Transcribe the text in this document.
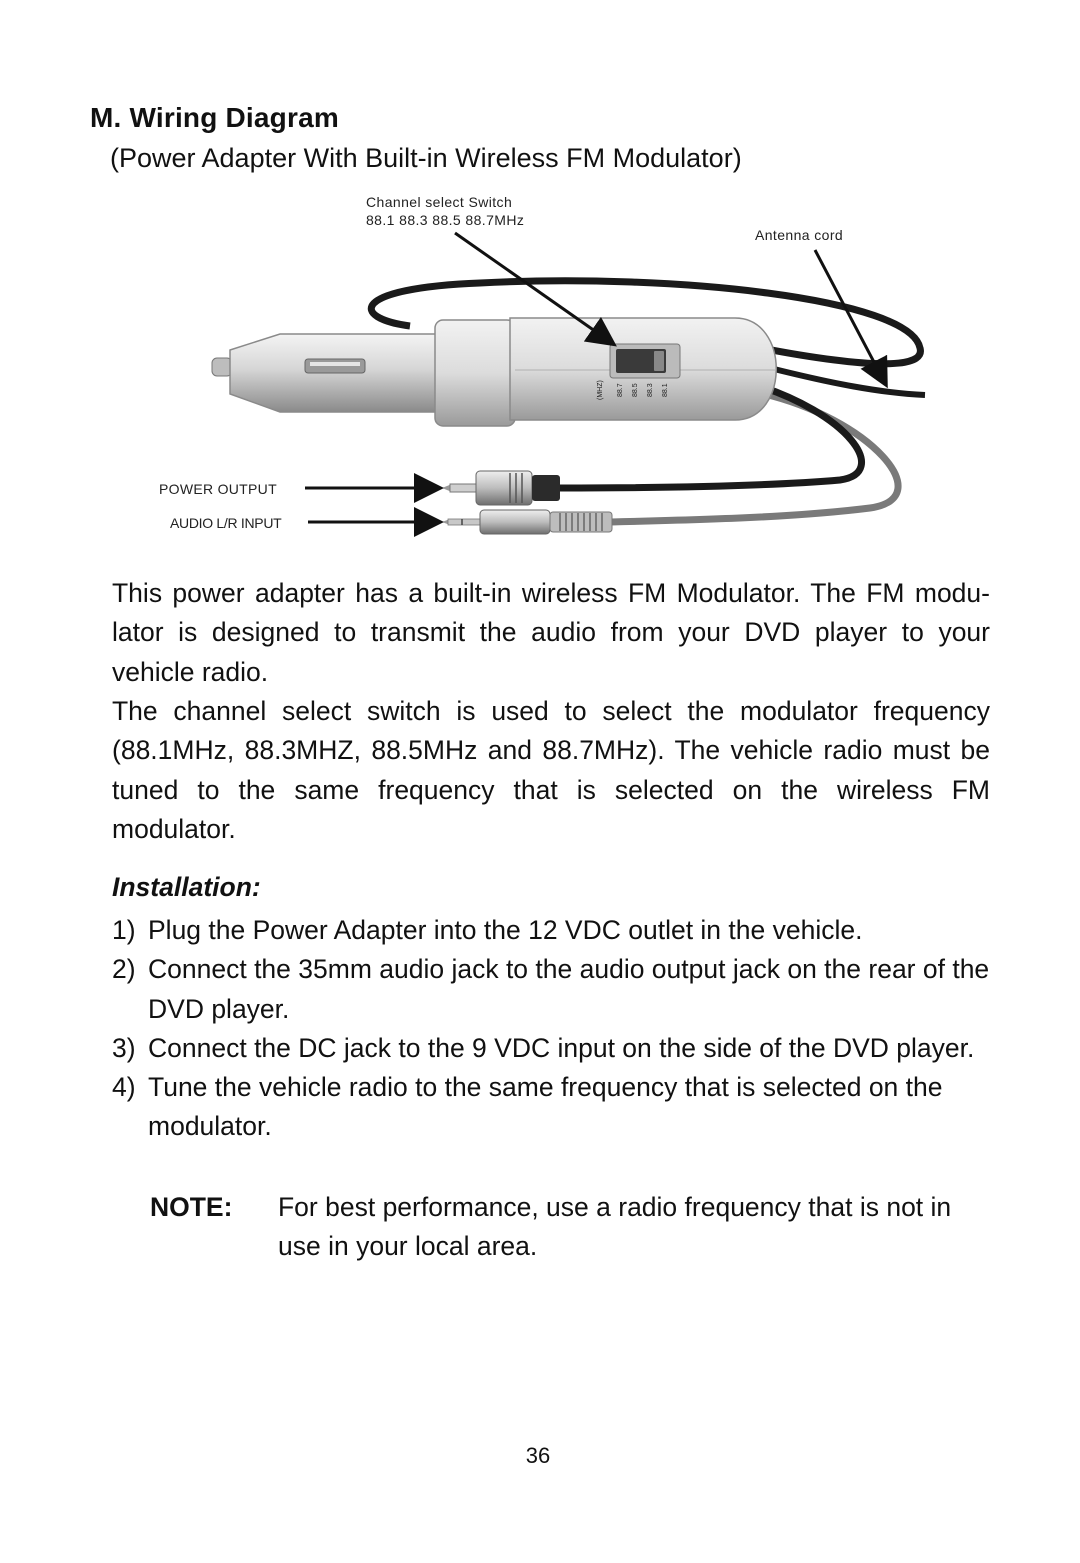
M. Wiring Diagram

(Power Adapter With Built-in Wireless FM Modulator)

(MHZ) 88.7 88.5 88.3 88.1
Channel select Switch
88.1 88.3 88.5 88.7MHz
Antenna cord
POWER OUTPUT
AUDIO L/R INPUT

This power adapter has a built-in wireless FM Modulator. The FM modu-lator is designed to transmit the audio from your DVD player to your vehicle radio.

The channel select switch is used to select the modulator frequency (88.1MHz, 88.3MHZ, 88.5MHz and 88.7MHz). The vehicle radio must be tuned to the same frequency that is selected on the wireless FM modulator.

Installation:
1) Plug the Power Adapter into the 12 VDC outlet in the vehicle.
2) Connect the 35mm audio jack to the audio output jack on the rear of the DVD player.
3) Connect the DC jack to the 9 VDC input on the side of the DVD player.
4) Tune the vehicle radio to the same frequency that is selected on the modulator.
NOTE:	For best performance, use a radio frequency that is not in use in your local area.
36
